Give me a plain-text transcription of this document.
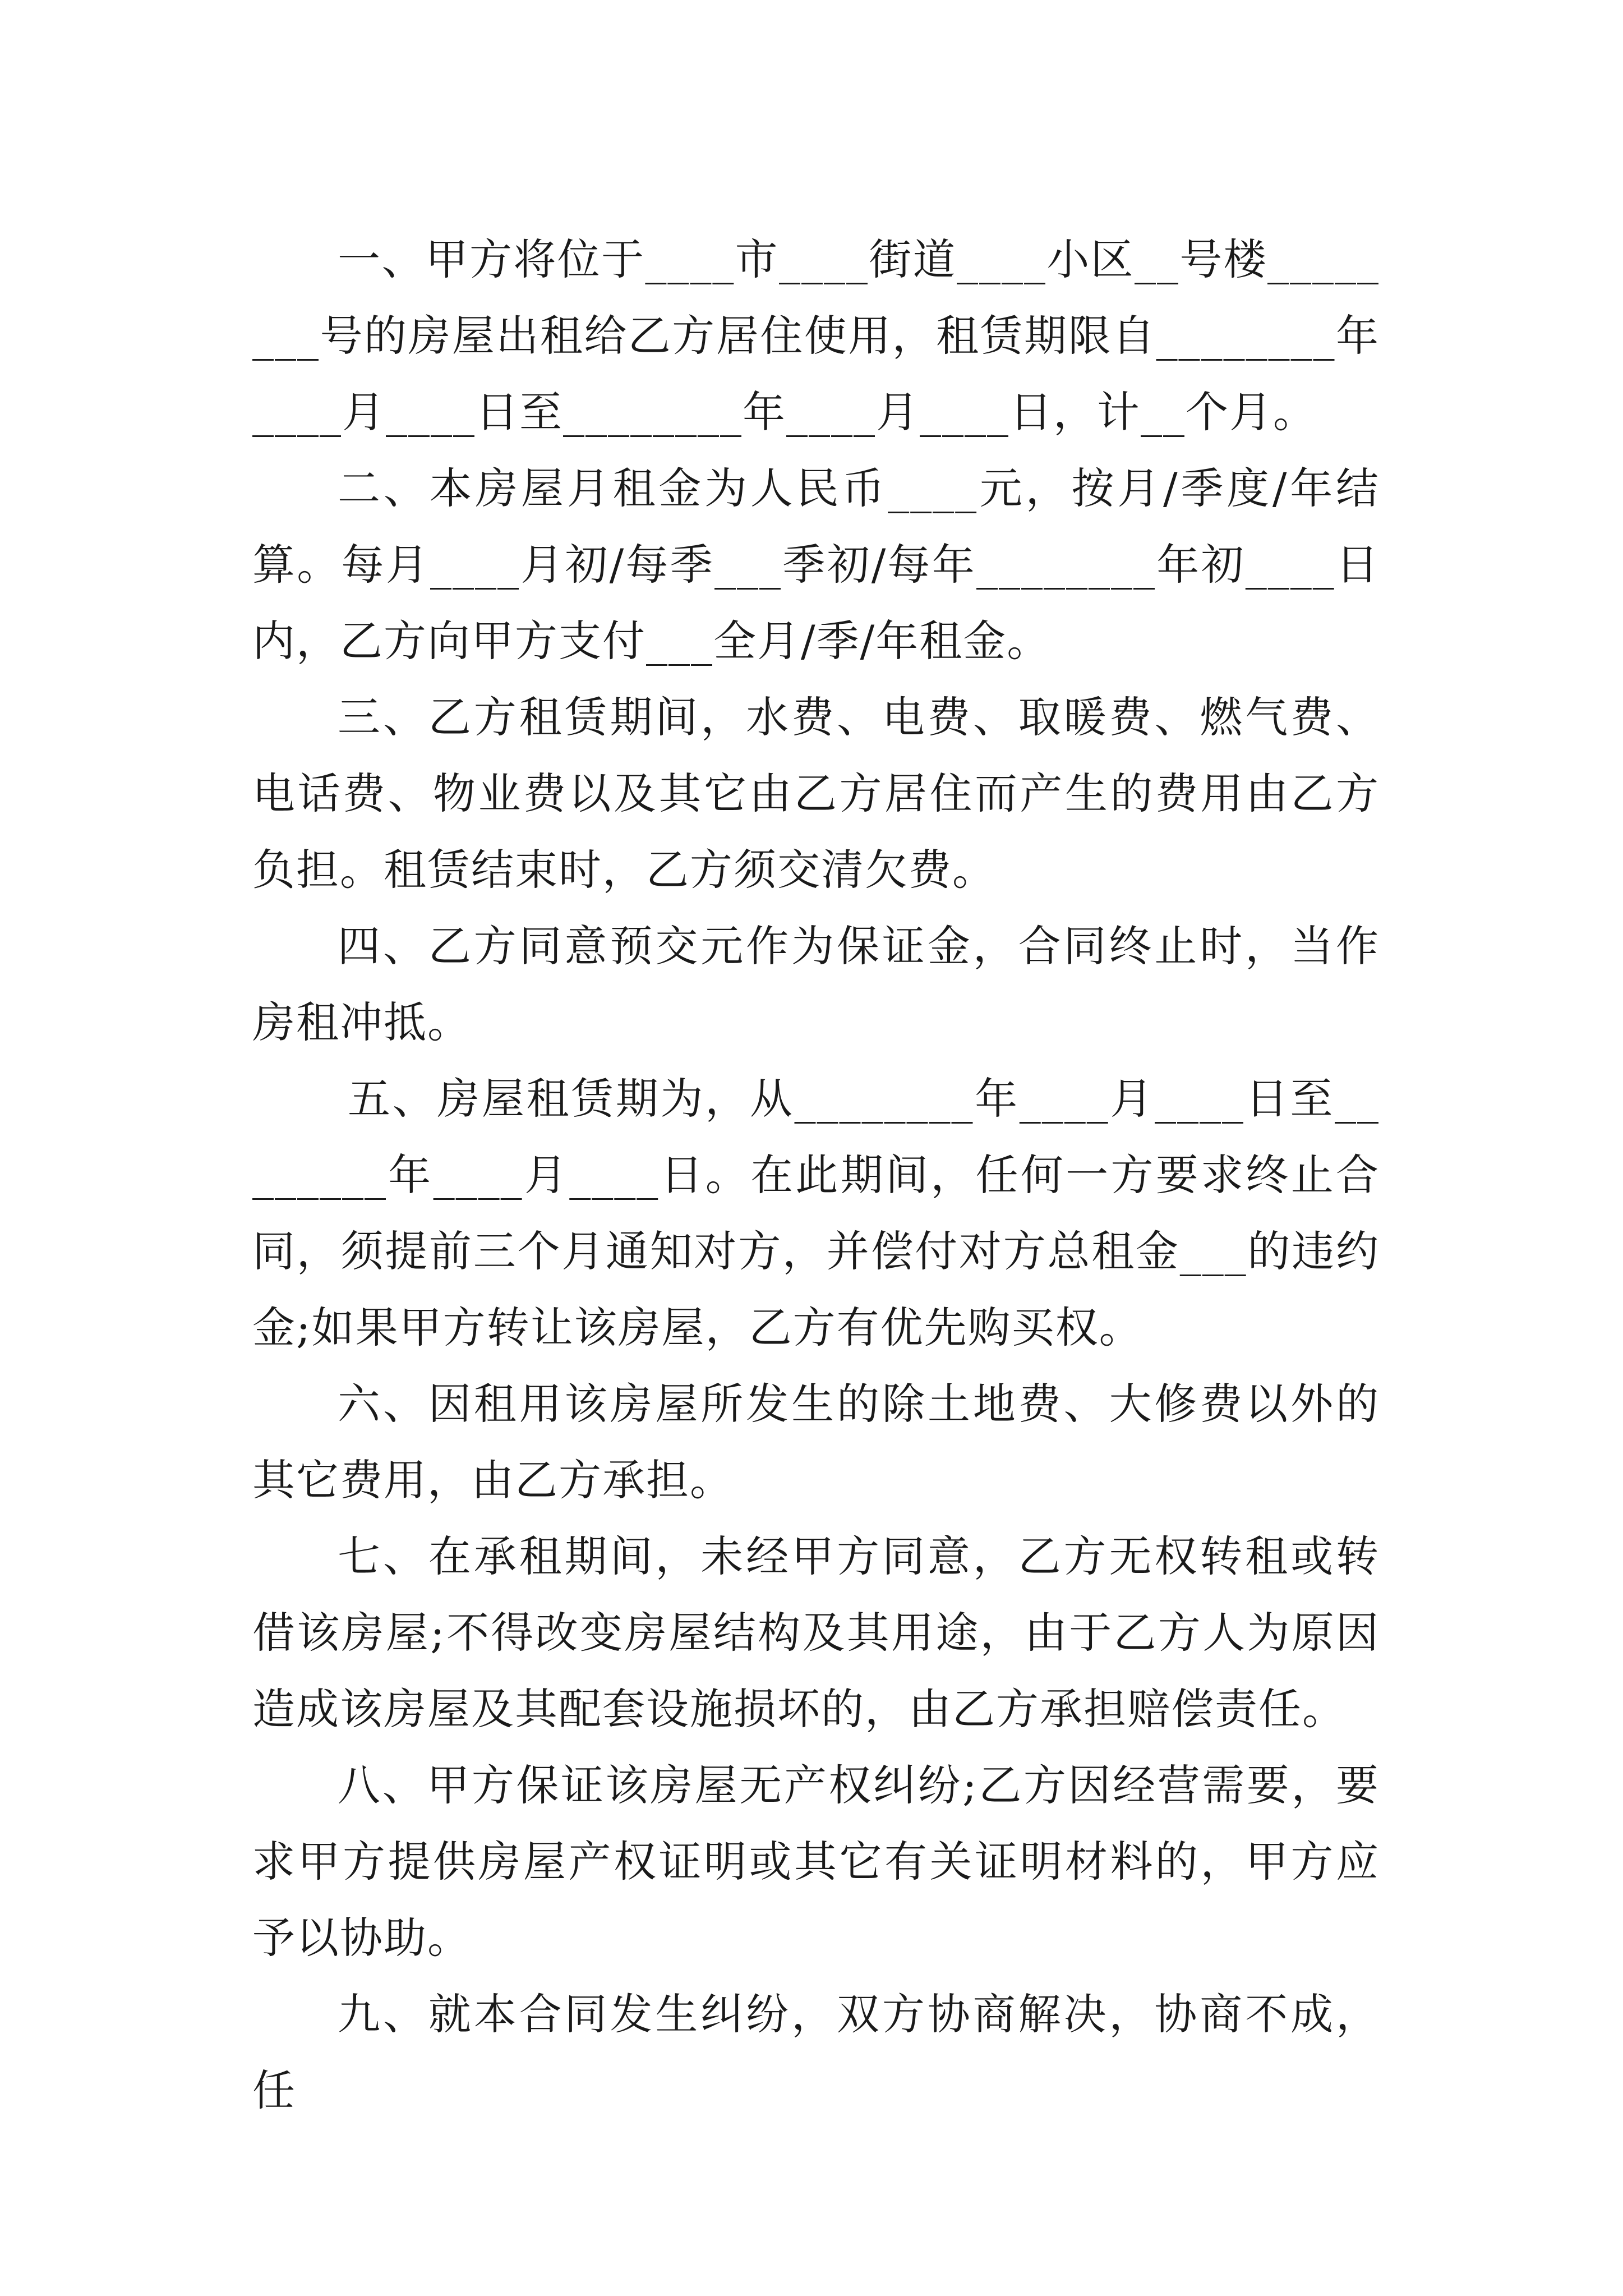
一、甲方将位于____市____街道____小区__号楼________号的房屋出租给乙方居住使用，租赁期限自________年____月____日至________年____月____日，计__个月。

二、本房屋月租金为人民币____元，按月/季度/年结算。每月____月初/每季___季初/每年________年初____日内，乙方向甲方支付___全月/季/年租金。

三、乙方租赁期间，水费、电费、取暖费、燃气费、电话费、物业费以及其它由乙方居住而产生的费用由乙方负担。租赁结束时，乙方须交清欠费。

四、乙方同意预交元作为保证金，合同终止时，当作房租冲抵。

五、房屋租赁期为，从________年____月____日至________年____月____日。在此期间，任何一方要求终止合同，须提前三个月通知对方，并偿付对方总租金___的违约金;如果甲方转让该房屋，乙方有优先购买权。

六、因租用该房屋所发生的除土地费、大修费以外的其它费用，由乙方承担。

七、在承租期间，未经甲方同意，乙方无权转租或转借该房屋;不得改变房屋结构及其用途，由于乙方人为原因造成该房屋及其配套设施损坏的，由乙方承担赔偿责任。

八、甲方保证该房屋无产权纠纷;乙方因经营需要，要求甲方提供房屋产权证明或其它有关证明材料的，甲方应予以协助。

九、就本合同发生纠纷，双方协商解决，协商不成，任
